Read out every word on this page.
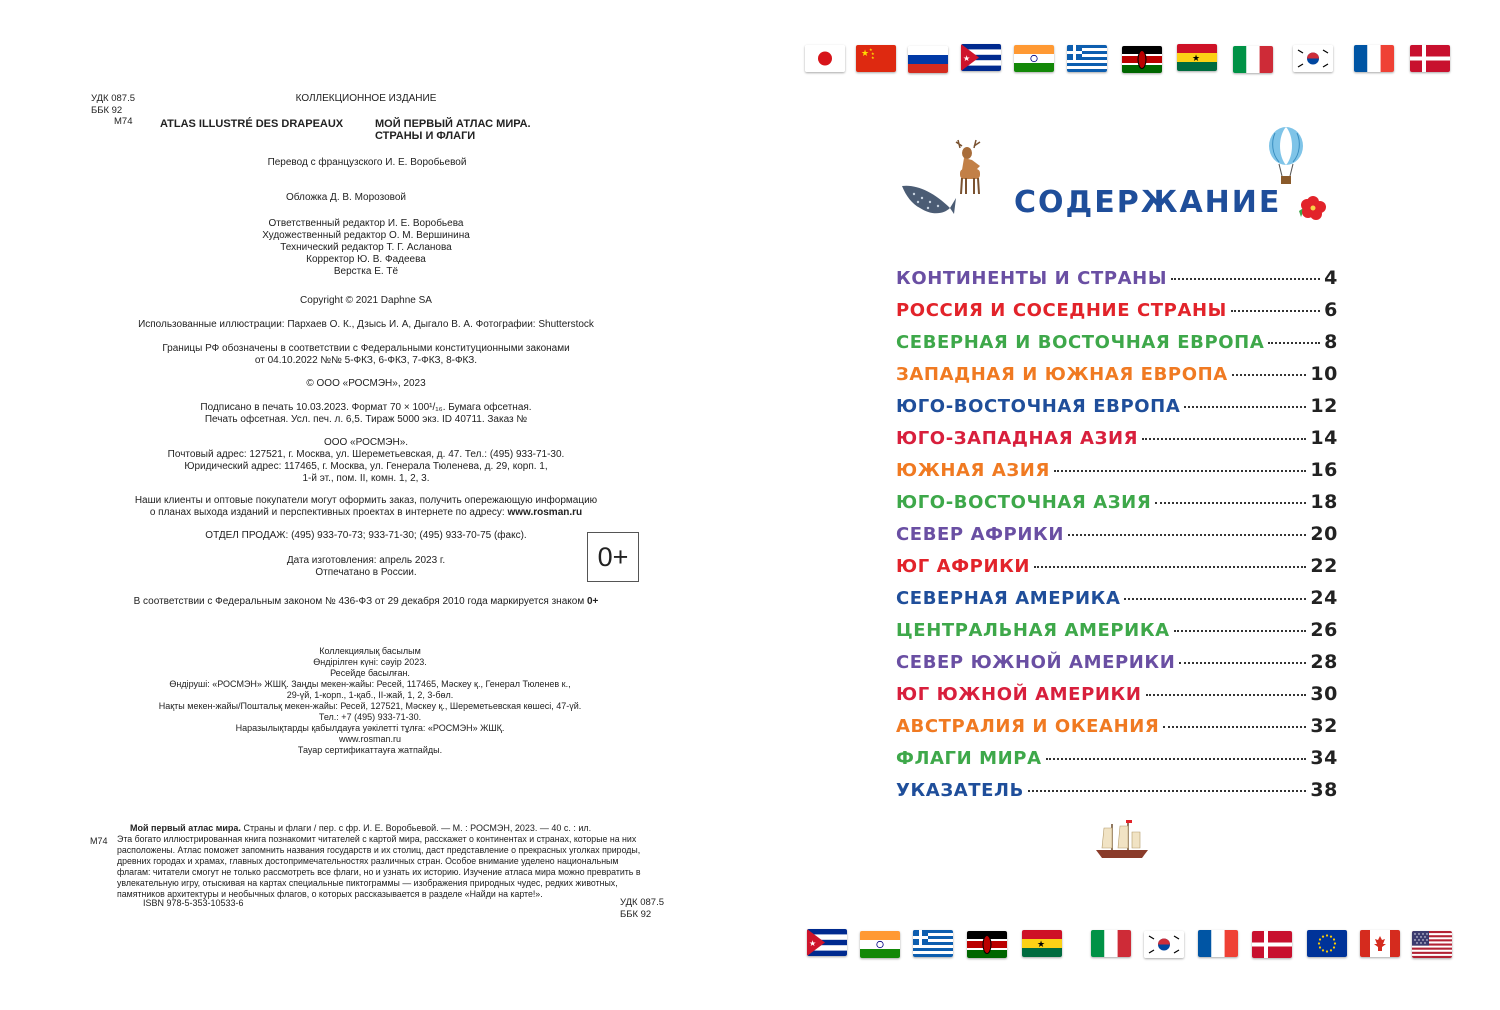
УДК 087.5
ББК 92
М74
КОЛЛЕКЦИОННОЕ ИЗДАНИЕ
ATLAS ILLUSTRÉ DES DRAPEAUX	МОЙ ПЕРВЫЙ АТЛАС МИРА.
СТРАНЫ И ФЛАГИ
Перевод с французского И. Е. Воробьевой
Обложка Д. В. Морозовой
Ответственный редактор И. Е. Воробьева
Художественный редактор О. М. Вершинина
Технический редактор Т. Г. Асланова
Корректор Ю. В. Фадеева
Верстка Е. Тё
Copyright © 2021 Daphne SA
Использованные иллюстрации: Пархаев О. К., Дзысь И. А, Дыгало В. А. Фотографии: Shutterstock
Границы РФ обозначены в соответствии с Федеральными конституционными законами
от 04.10.2022 №№ 5-ФКЗ, 6-ФКЗ, 7-ФКЗ, 8-ФКЗ.
© ООО «РОСМЭН», 2023
Подписано в печать 10.03.2023. Формат 70 × 100¹/₁₆. Бумага офсетная.
Печать офсетная. Усл. печ. л. 6,5. Тираж 5000 экз. ID 40711. Заказ №
ООО «РОСМЭН».
Почтовый адрес: 127521, г. Москва, ул. Шереметьевская, д. 47. Тел.: (495) 933-71-30.
Юридический адрес: 117465, г. Москва, ул. Генерала Тюленева, д. 29, корп. 1,
1-й эт., пом. II, комн. 1, 2, 3.
Наши клиенты и оптовые покупатели могут оформить заказ, получить опережающую информацию
о планах выхода изданий и перспективных проектах в интернете по адресу: www.rosman.ru
ОТДЕЛ ПРОДАЖ: (495) 933-70-73; 933-71-30; (495) 933-70-75 (факс).
Дата изготовления: апрель 2023 г.
Отпечатано в России.
0+
В соответствии с Федеральным законом № 436-ФЗ от 29 декабря 2010 года маркируется знаком 0+
Коллекциялық басылым
Өндірілген күні: сәуір 2023.
Ресейде басылған.
Өндіруші: «РОСМЭН» ЖШҚ. Заңды мекен-жайы: Ресей, 117465, Мәскеу қ., Генерал Тюленев к.,
29-үй, 1-корп., 1-қаб., II-жай, 1, 2, 3-бөл.
Нақты мекен-жайы/Поштальқ мекен-жайы: Ресей, 127521, Мәскеу қ., Шереметьевская көшесі, 47-үй.
Тел.: +7 (495) 933-71-30.
Наразылықтарды қабылдауға уәкілетті тұлға: «РОСМЭН» ЖШҚ.
www.rosman.ru
Тауар сертификаттауға жатпайды.
Мой первый атлас мира. Страны и флаги / пер. с фр. И. Е. Воробьевой. — М. : РОСМЭН, 2023. — 40 с. : ил.
М74	Эта богато иллюстрированная книга познакомит читателей с картой мира, расскажет о континентах и странах, которые на них расположены. Атлас поможет запомнить названия государств и их столиц, даст представление о прекрасных уголках природы, древних городах и храмах, главных достопримечательностях различных стран. Особое внимание уделено национальным флагам: читатели смогут не только рассмотреть все флаги, но и узнать их историю. Изучение атласа мира можно превратить в увлекательную игру, отыскивая на картах специальные пиктограммы — изображения природных чудес, редких животных, памятников архитектуры и необычных флагов, о которых рассказывается в разделе «Найди на карте!».
ISBN 978-5-353-10533-6	УДК 087.5
ББК 92
★ ★
★
★	★	★
СОДЕРЖАНИЕ
КОНТИНЕНТЫ И СТРАНЫ	4
РОССИЯ И СОСЕДНИЕ СТРАНЫ	6
СЕВЕРНАЯ И ВОСТОЧНАЯ ЕВРОПА	8
ЗАПАДНАЯ И ЮЖНАЯ ЕВРОПА	10
ЮГО-ВОСТОЧНАЯ ЕВРОПА	12
ЮГО-ЗАПАДНАЯ АЗИЯ	14
ЮЖНАЯ АЗИЯ	16
ЮГО-ВОСТОЧНАЯ АЗИЯ	18
СЕВЕР АФРИКИ	20
ЮГ АФРИКИ	22
СЕВЕРНАЯ АМЕРИКА	24
ЦЕНТРАЛЬНАЯ АМЕРИКА	26
СЕВЕР ЮЖНОЙ АМЕРИКИ	28
ЮГ ЮЖНОЙ АМЕРИКИ	30
АВСТРАЛИЯ И ОКЕАНИЯ	32
ФЛАГИ МИРА	34
УКАЗАТЕЛЬ	38
★	★
